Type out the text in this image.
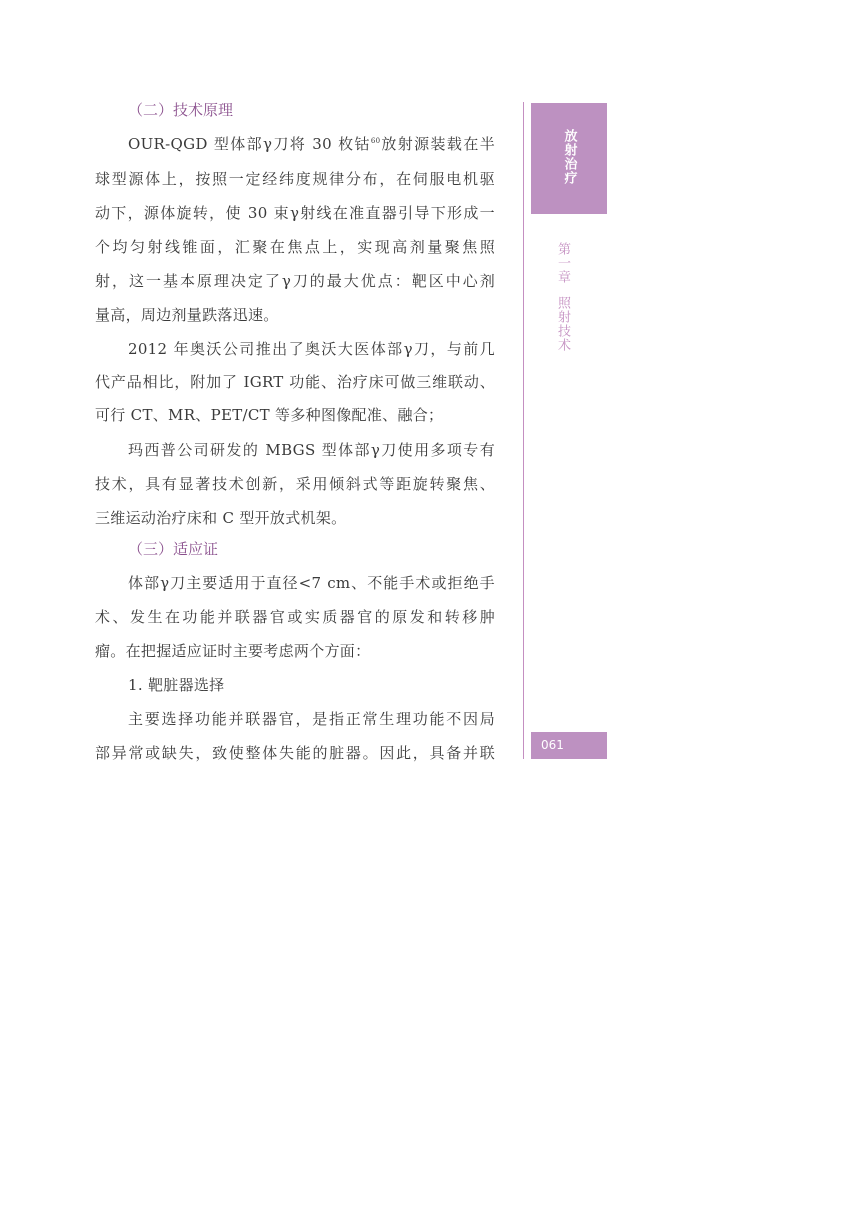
（二）技术原理
OUR-QGD 型体部γ刀将 30 枚钴$^{60}$放射源装载在半
球型源体上，按照一定经纬度规律分布，在伺服电机驱
动下，源体旋转，使 30 束γ射线在准直器引导下形成一
个均匀射线锥面，汇聚在焦点上，实现高剂量聚焦照
射，这一基本原理决定了γ刀的最大优点：靶区中心剂
量高，周边剂量跌落迅速。
2012 年奥沃公司推出了奥沃大医体部γ刀，与前几
代产品相比，附加了 IGRT 功能、治疗床可做三维联动、
可行 CT、MR、PET/CT 等多种图像配准、融合；
玛西普公司研发的 MBGS 型体部γ刀使用多项专有
技术，具有显著技术创新，采用倾斜式等距旋转聚焦、
三维运动治疗床和 C 型开放式机架。
（三）适应证
体部γ刀主要适用于直径<7 cm、不能手术或拒绝手
术、发生在功能并联器官或实质器官的原发和转移肿
瘤。在把握适应证时主要考虑两个方面：
1. 靶脏器选择
主要选择功能并联器官，是指正常生理功能不因局
部异常或缺失，致使整体失能的脏器。因此，具备并联
放射治疗
第一章照射技术
061
